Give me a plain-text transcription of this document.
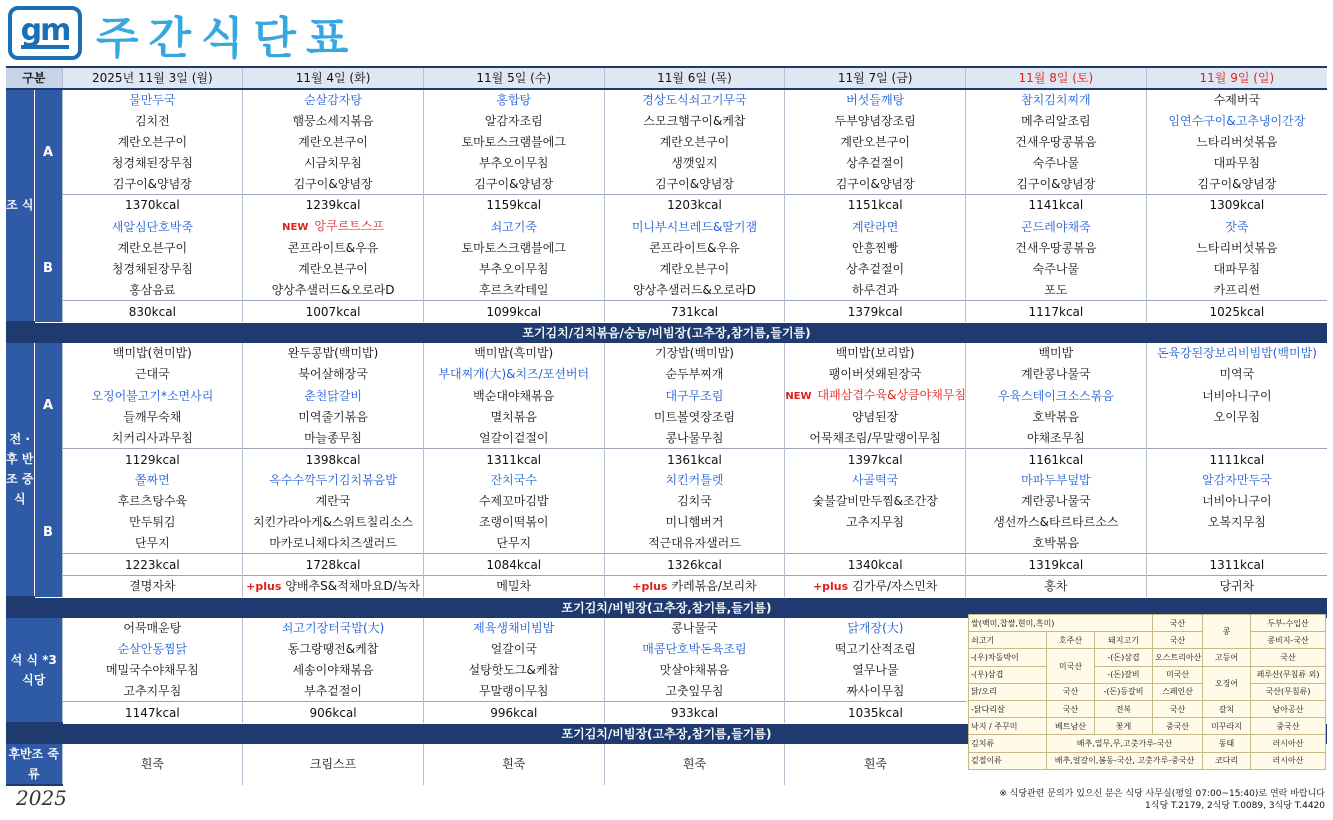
gm 주간식단표
구분		2025년 11월 3일 (월)	11월 4일 (화)	11월 5일 (수)	11월 6일 (목)	11월 7일 (금)	11월 8일 (토)	11월 9일 (일)
조 식	A	물만두국	순살감자탕	홍합탕	경상도식쇠고기무국	버섯들깨탕	참치김치찌개	수제버국
		김치전	햄뭉소세지볶음	알감자조림	스모크햄구이&케찹	두부양념장조림	메추리알조림	임연수구이&고추냉이간장
		계란오븐구이	계란오븐구이	토마토스크램블에그	계란오븐구이	계란오븐구이	건새우땅콩볶음	느타리버섯볶음
		청경채된장무침	시금치무침	부추오이무침	생깻잎지	상추겉절이	숙주나물	대파무침
		김구이&양념장	김구이&양념장	김구이&양념장	김구이&양념장	김구이&양념장	김구이&양념장	김구이&양념장
		1370kcal	1239kcal	1159kcal	1203kcal	1151kcal	1141kcal	1309kcal
	B	새알심단호박죽	NEW 앙쿠르트스프	쇠고기죽	미니부시브레드&딸기잼	계란라면	곤드레야채죽	잣죽
		계란오븐구이	콘프라이트&우유	토마토스크램블에그	콘프라이트&우유	안흥찐빵	건새우땅콩볶음	느타리버섯볶음
		청경채된장무침	계란오븐구이	부추오이무침	계란오븐구이	상추겉절이	숙주나물	대파무침
		홍삼음료	양상추샐러드&오로라D	후르츠칵테일	양상추샐러드&오로라D	하루견과	포도	카프리썬
		830kcal	1007kcal	1099kcal	731kcal	1379kcal	1117kcal	1025kcal
포기김치/김치볶음/숭늉/비빔장(고추장,참기름,들기름)								
전 · 후 반 조 중 식	A	백미밥(현미밥)	완두콩밥(백미밥)	백미밥(흑미밥)	기장밥(백미밥)	백미밥(보리밥)	백미밥	돈육강된장보리비빔밥(백미밥)
		근대국	북어살해장국	부대찌개(大)&치즈/포션버터	순두부찌개	팽이버섯왜된장국	계란콩나물국	미역국
		오징어불고기*소면사리	춘천닭갈비	백순대야채볶음	대구무조림	NEW 대패삼겹수육&상큼야채무침	우육스테이크소스볶음	너비아니구이
		들깨무숙채	미역줄기볶음	멸치볶음	미트볼엿장조림	양념된장	호박볶음	오이무침
		치커리사과무침	마늘종무침	얼갈이겉절이	콩나물무침	어묵채조림/무말랭이무침	야채조무침	
		1129kcal	1398kcal	1311kcal	1361kcal	1397kcal	1161kcal	1111kcal
	B	쫄짜면	옥수수깍두기김치볶음밥	잔치국수	치킨커틀렛	사골떡국	마파두부덮밥	알감자만두국
		후르츠탕수육	계란국	수제꼬마김밥	김치국	숯불갈비만두찜&조간장	계란콩나물국	너비아니구이
		만두튀김	치킨가라아게&스위트칠리소스	조랭이떡볶이	미니햄버거	고추지무침	생선까스&타르타르소스	오복지무침
		단무지	마카로니채다치즈샐러드	단무지	적근대유자샐러드		호박볶음	
		1223kcal	1728kcal	1084kcal	1326kcal	1340kcal	1319kcal	1311kcal
		결명자차	+plus 양배추S&적채마요D/녹차	메밀차	+plus 카레볶음/보리차	+plus 김가루/자스민차	홍차	당귀차
포기김치/비빔장(고추장,참기름,들기름)								
석 식 *3식당		어묵매운탕	쇠고기장터국밥(大)	제육생채비빔밥	콩나물국	닭개장(大)		
		순살안동찜닭	동그랑땡전&케찹	얼갈이국	매콤단호박돈육조림	떡고기산적조림		
		메밀국수야채무침	세송이야채볶음	설탕핫도그&케찹	맛살야채볶음	열무나물		
		고추지무침	부추겉절이	무말랭이무침	고춧잎무침	짜사이무침		
		1147kcal	906kcal	996kcal	933kcal	1035kcal		
포기김치/비빔장(고추장,참기름,들기름)								
후반조 죽류		흰죽	크림스프	흰죽	흰죽	흰죽		
쌀(백미,찹쌀,현미,흑미)			국산	콩	두부-수입산
쇠고기	호주산	돼지고기	국산		콩비지-국산
-(우)차돌박이	미국산	-(돈)삼겹	오스트리아산	고등어	국산
-(우)삼겹		-(돈)갈비	미국산	오징어	페루산(무침류 외)
닭/오리	국산	-(돈)등갈비	스페인산		국산(무침류)
-닭다리살	국산	전복	국산	갈치	남아공산
낙지 / 주꾸미	베트남산	꽃게	중국산	미꾸라지	중국산
김치류	배추,열무,무,고춧가루-국산			동태	러시아산
겉절이류	배추,얼갈이,봄동-국산, 고춧가루-중국산			코다리	러시아산
2025	※ 식당관련 문의가 있으신 분은 식당 사무실(평일 07:00~15:40)로 연락 바랍니다
1식당 T.2179, 2식당 T.0089, 3식당 T.4420
